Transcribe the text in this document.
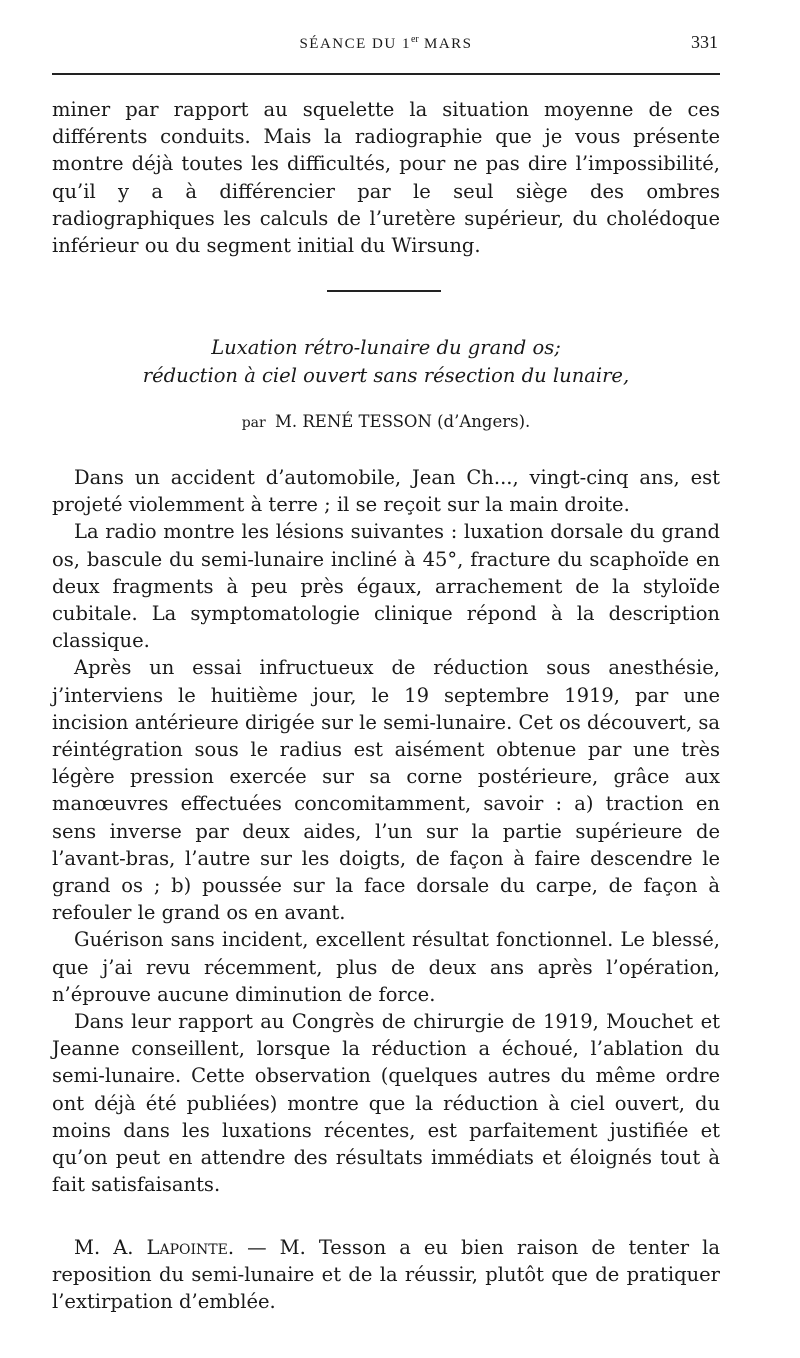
SÉANCE DU 1er MARS	331

miner par rapport au squelette la situation moyenne de ces différents conduits. Mais la radiographie que je vous présente montre déjà toutes les difficultés, pour ne pas dire l’impossibilité, qu’il y a à différencier par le seul siège des ombres radiographiques les calculs de l’uretère supérieur, du cholédoque inférieur ou du segment initial du Wirsung.

Luxation rétro-lunaire du grand os;
réduction à ciel ouvert sans résection du lunaire,
par M. RENÉ TESSON (d’Angers).

Dans un accident d’automobile, Jean Ch..., vingt-cinq ans, est projeté violemment à terre ; il se reçoit sur la main droite.

La radio montre les lésions suivantes : luxation dorsale du grand os, bascule du semi-lunaire incliné à 45°, fracture du scaphoïde en deux fragments à peu près égaux, arrachement de la styloïde cubitale. La symptomatologie clinique répond à la description classique.

Après un essai infructueux de réduction sous anesthésie, j’interviens le huitième jour, le 19 septembre 1919, par une incision antérieure dirigée sur le semi-lunaire. Cet os découvert, sa réintégration sous le radius est aisément obtenue par une très légère pression exercée sur sa corne postérieure, grâce aux manœuvres effectuées concomitamment, savoir : a) traction en sens inverse par deux aides, l’un sur la partie supérieure de l’avant-bras, l’autre sur les doigts, de façon à faire descendre le grand os ; b) poussée sur la face dorsale du carpe, de façon à refouler le grand os en avant.

Guérison sans incident, excellent résultat fonctionnel. Le blessé, que j’ai revu récemment, plus de deux ans après l’opération, n’éprouve aucune diminution de force.

Dans leur rapport au Congrès de chirurgie de 1919, Mouchet et Jeanne conseillent, lorsque la réduction a échoué, l’ablation du semi-lunaire. Cette observation (quelques autres du même ordre ont déjà été publiées) montre que la réduction à ciel ouvert, du moins dans les luxations récentes, est parfaitement justifiée et qu’on peut en attendre des résultats immédiats et éloignés tout à fait satisfaisants.

M. A. Lapointe. — M. Tesson a eu bien raison de tenter la reposition du semi-lunaire et de la réussir, plutôt que de pratiquer l’extirpation d’emblée.
